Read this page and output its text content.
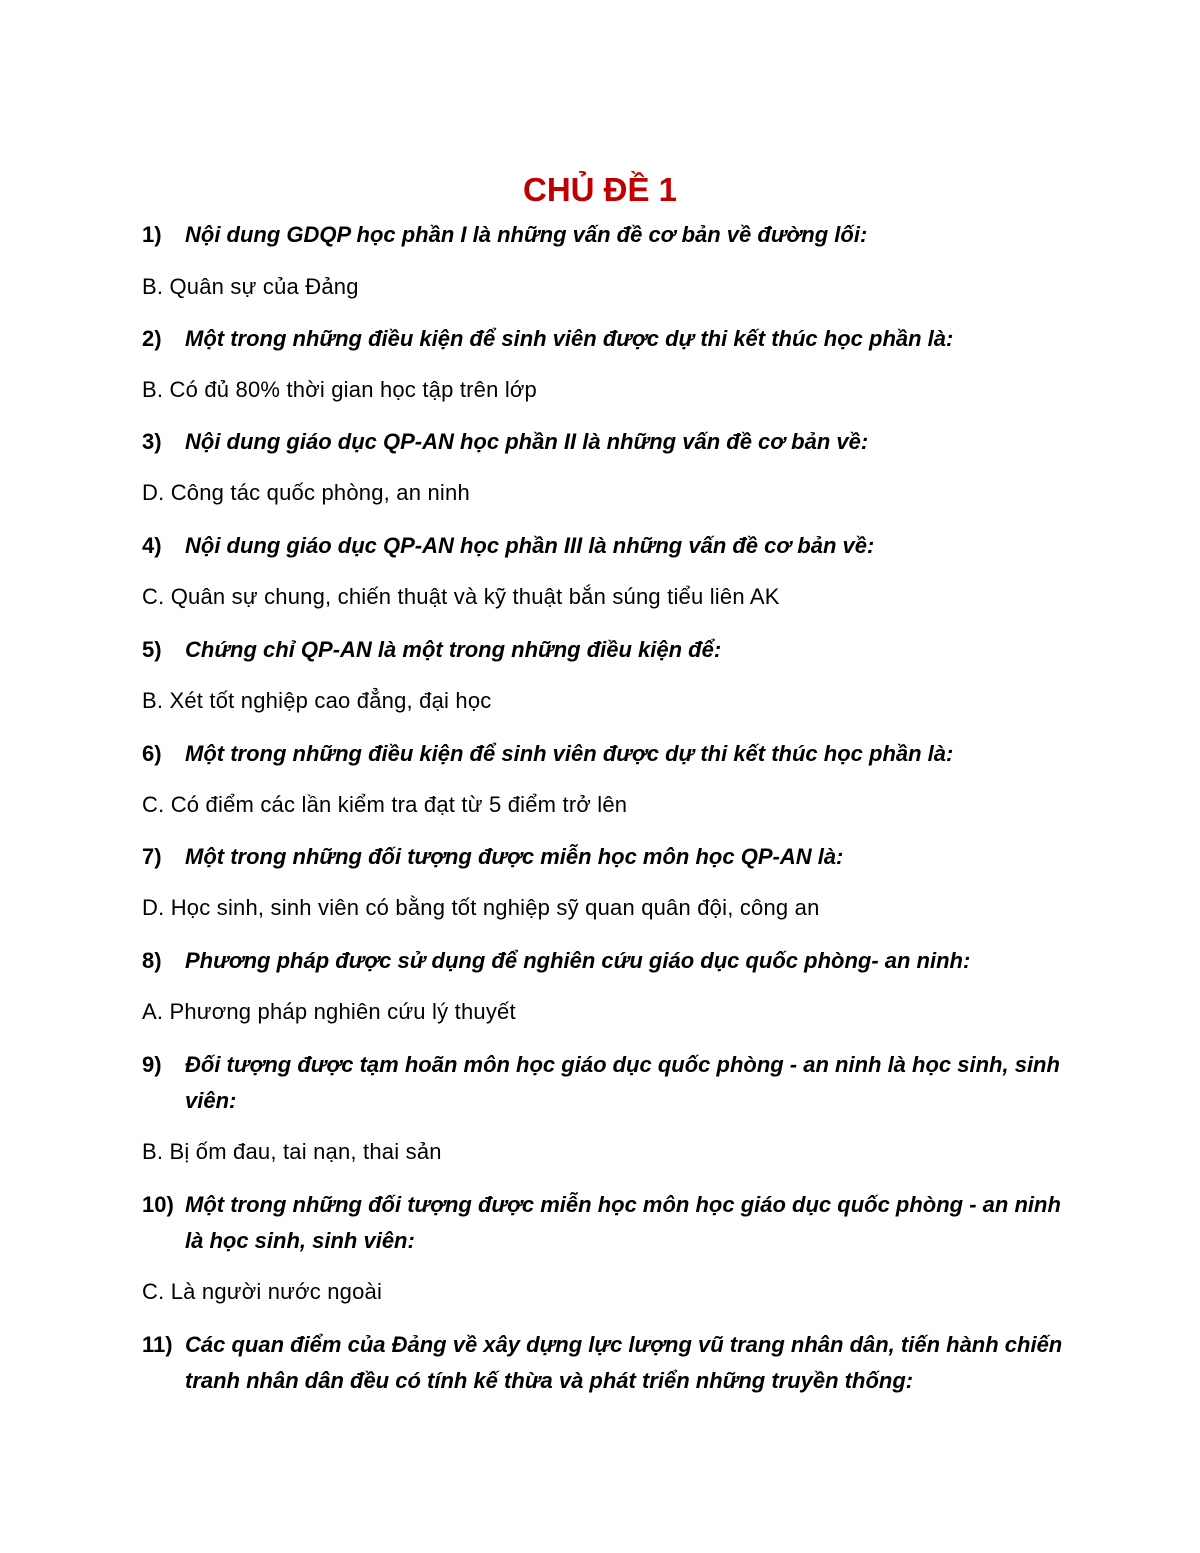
CHỦ ĐỀ 1
1) Nội dung GDQP học phần I là những vấn đề cơ bản về đường lối:
B. Quân sự của Đảng
2) Một trong những điều kiện để sinh viên được dự thi kết thúc học phần là:
B. Có đủ 80% thời gian học tập trên lớp
3) Nội dung giáo dục QP-AN học phần II là những vấn đề cơ bản về:
D. Công tác quốc phòng, an ninh
4) Nội dung giáo dục QP-AN học phần III là những vấn đề cơ bản về:
C. Quân sự chung, chiến thuật và kỹ thuật bắn súng tiểu liên AK
5) Chứng chỉ QP-AN là một trong những điều kiện để:
B. Xét tốt nghiệp cao đẳng, đại học
6) Một trong những điều kiện để sinh viên được dự thi kết thúc học phần là:
C. Có điểm các lần kiểm tra đạt từ 5 điểm trở lên
7) Một trong những đối tượng được miễn học môn học QP-AN là:
D. Học sinh, sinh viên có bằng tốt nghiệp sỹ quan quân đội, công an
8) Phương pháp được sử dụng để nghiên cứu giáo dục quốc phòng- an ninh:
A. Phương pháp nghiên cứu lý thuyết
9) Đối tượng được tạm hoãn môn học giáo dục quốc phòng - an ninh là học sinh, sinh viên:
B. Bị ốm đau, tai nạn, thai sản
10) Một trong những đối tượng được miễn học môn học giáo dục quốc phòng - an ninh là học sinh, sinh viên:
C. Là người nước ngoài
11) Các quan điểm của Đảng về xây dựng lực lượng vũ trang nhân dân, tiến hành chiến tranh nhân dân đều có tính kế thừa và phát triển những truyền thống:
